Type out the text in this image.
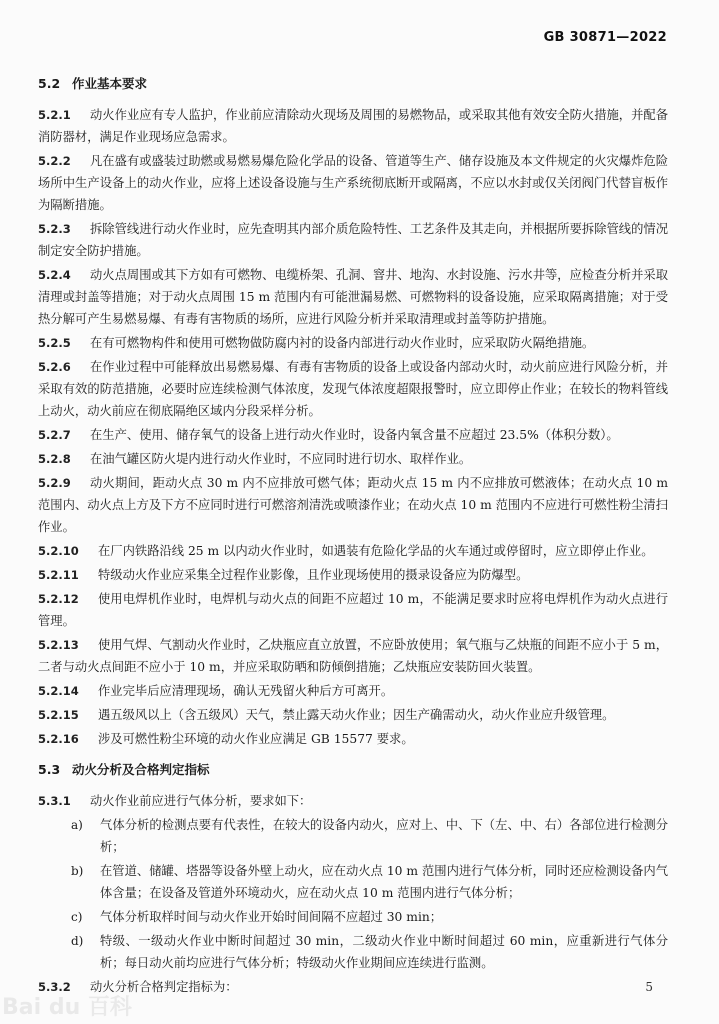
GB 30871—2022
5.2 作业基本要求
5.2.1	动火作业应有专人监护，作业前应清除动火现场及周围的易燃物品，或采取其他有效安全防火措施，并配备消防器材，满足作业现场应急需求。
5.2.2	凡在盛有或盛装过助燃或易燃易爆危险化学品的设备、管道等生产、储存设施及本文件规定的火灾爆炸危险场所中生产设备上的动火作业，应将上述设备设施与生产系统彻底断开或隔离，不应以水封或仅关闭阀门代替盲板作为隔断措施。
5.2.3	拆除管线进行动火作业时，应先查明其内部介质危险特性、工艺条件及其走向，并根据所要拆除管线的情况制定安全防护措施。
5.2.4	动火点周围或其下方如有可燃物、电缆桥架、孔洞、窨井、地沟、水封设施、污水井等，应检查分析并采取清理或封盖等措施；对于动火点周围 15 m 范围内有可能泄漏易燃、可燃物料的设备设施，应采取隔离措施；对于受热分解可产生易燃易爆、有毒有害物质的场所，应进行风险分析并采取清理或封盖等防护措施。
5.2.5	在有可燃物构件和使用可燃物做防腐内衬的设备内部进行动火作业时，应采取防火隔绝措施。
5.2.6	在作业过程中可能释放出易燃易爆、有毒有害物质的设备上或设备内部动火时，动火前应进行风险分析，并采取有效的防范措施，必要时应连续检测气体浓度，发现气体浓度超限报警时，应立即停止作业；在较长的物料管线上动火，动火前应在彻底隔绝区域内分段采样分析。
5.2.7	在生产、使用、储存氧气的设备上进行动火作业时，设备内氧含量不应超过 23.5%（体积分数）。
5.2.8	在油气罐区防火堤内进行动火作业时，不应同时进行切水、取样作业。
5.2.9	动火期间，距动火点 30 m 内不应排放可燃气体；距动火点 15 m 内不应排放可燃液体；在动火点 10 m 范围内、动火点上方及下方不应同时进行可燃溶剂清洗或喷漆作业；在动火点 10 m 范围内不应进行可燃性粉尘清扫作业。
5.2.10	在厂内铁路沿线 25 m 以内动火作业时，如遇装有危险化学品的火车通过或停留时，应立即停止作业。
5.2.11	特级动火作业应采集全过程作业影像，且作业现场使用的摄录设备应为防爆型。
5.2.12	使用电焊机作业时，电焊机与动火点的间距不应超过 10 m，不能满足要求时应将电焊机作为动火点进行管理。
5.2.13	使用气焊、气割动火作业时，乙炔瓶应直立放置，不应卧放使用；氧气瓶与乙炔瓶的间距不应小于 5 m，二者与动火点间距不应小于 10 m，并应采取防晒和防倾倒措施；乙炔瓶应安装防回火装置。
5.2.14	作业完毕后应清理现场，确认无残留火种后方可离开。
5.2.15	遇五级风以上（含五级风）天气，禁止露天动火作业；因生产确需动火，动火作业应升级管理。
5.2.16	涉及可燃性粉尘环境的动火作业应满足 GB 15577 要求。
5.3 动火分析及合格判定指标
5.3.1	动火作业前应进行气体分析，要求如下：
a) 气体分析的检测点要有代表性，在较大的设备内动火，应对上、中、下（左、中、右）各部位进行检测分析；
b) 在管道、储罐、塔器等设备外壁上动火，应在动火点 10 m 范围内进行气体分析，同时还应检测设备内气体含量；在设备及管道外环境动火，应在动火点 10 m 范围内进行气体分析；
c) 气体分析取样时间与动火作业开始时间间隔不应超过 30 min；
d) 特级、一级动火作业中断时间超过 30 min，二级动火作业中断时间超过 60 min，应重新进行气体分析；每日动火前均应进行气体分析；特级动火作业期间应连续进行监测。
5.3.2	动火分析合格判定指标为：	5
Bai du 百科
